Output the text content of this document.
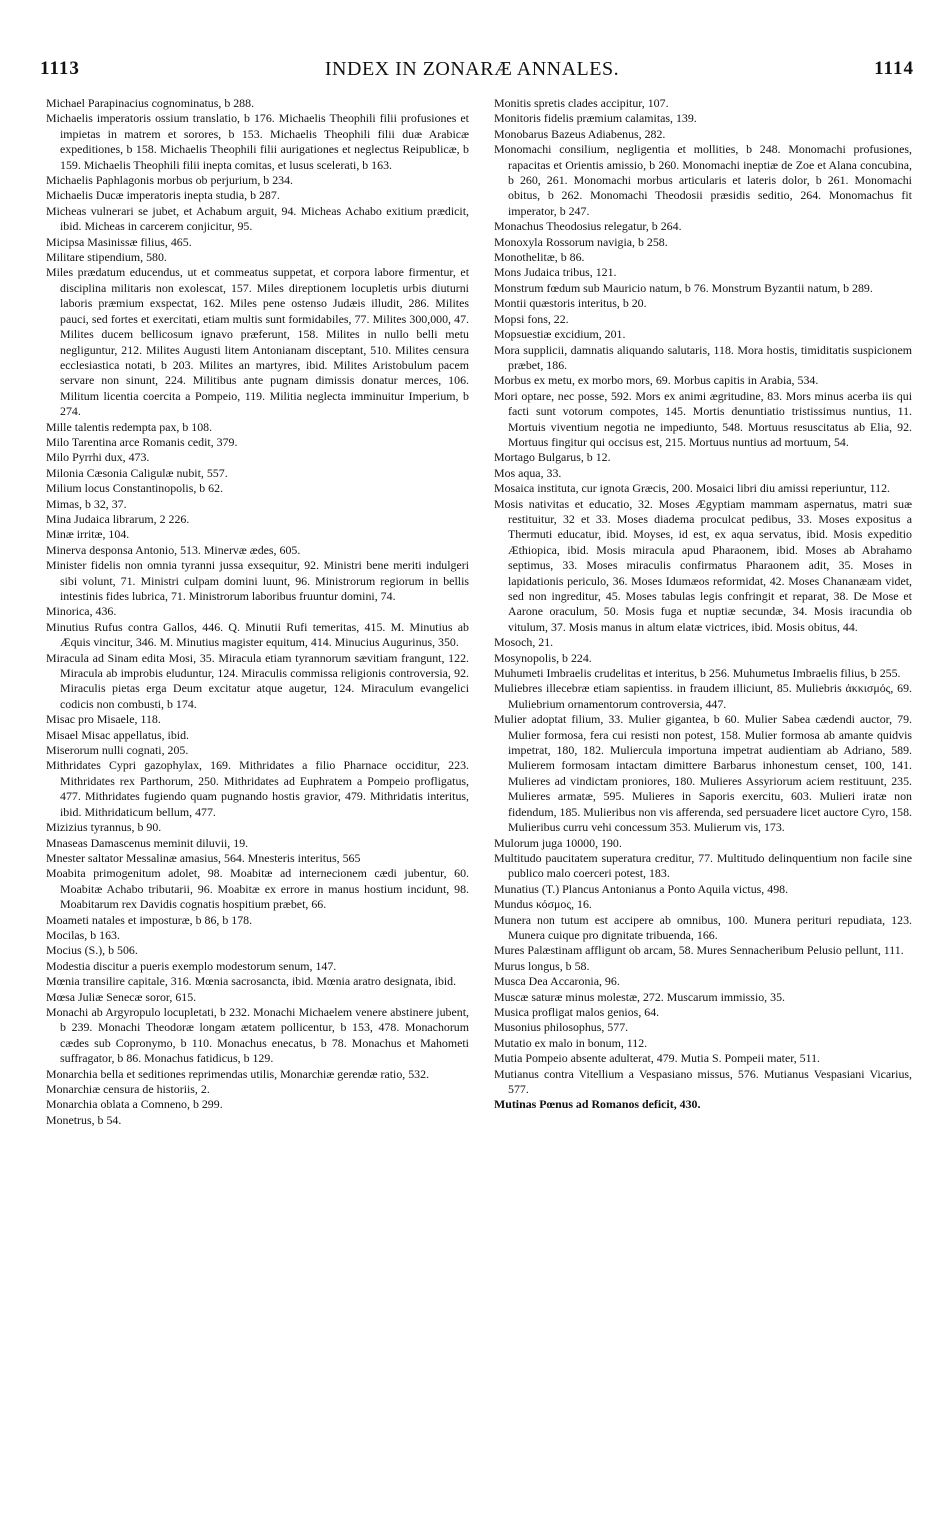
1113	INDEX IN ZONARÆ ANNALES.	1114

Michael Parapinacius cognominatus, b 288.

Michaelis imperatoris ossium translatio, b 176. Michaelis Theophili filii profusiones et impietas in matrem et sorores, b 153. Michaelis Theophili filii duæ Arabicæ expeditiones, b 158. Michaelis Theophili filii aurigationes et neglectus Reipublicæ, b 159. Michaelis Theophili filii inepta comitas, et lusus scelerati, b 163.

Michaelis Paphlagonis morbus ob perjurium, b 234.

Michaelis Ducæ imperatoris inepta studia, b 287.

Micheas vulnerari se jubet, et Achabum arguit, 94. Micheas Achabo exitium prædicit, ibid. Micheas in carcerem conjicitur, 95.

Micipsa Masinissæ filius, 465.

Militare stipendium, 580.

Miles prædatum educendus, ut et commeatus suppetat, et corpora labore firmentur, et disciplina militaris non exolescat, 157. Miles direptionem locupletis urbis diuturni laboris præmium exspectat, 162. Miles pene ostenso Judæis illudit, 286. Milites pauci, sed fortes et exercitati, etiam multis sunt formidabiles, 77. Milites 300,000, 47. Milites ducem bellicosum ignavo præferunt, 158. Milites in nullo belli metu negliguntur, 212. Milites Augusti litem Antonianam disceptant, 510. Milites censura ecclesiastica notati, b 203. Milites an martyres, ibid. Milites Aristobulum pacem servare non sinunt, 224. Militibus ante pugnam dimissis donatur merces, 106. Militum licentia coercita a Pompeio, 119. Militia neglecta imminuitur Imperium, b 274.

Mille talentis redempta pax, b 108.

Milo Tarentina arce Romanis cedit, 379.

Milo Pyrrhi dux, 473.

Milonia Cæsonia Caligulæ nubit, 557.

Milium locus Constantinopolis, b 62.

Mimas, b 32, 37.

Mina Judaica librarum, 2 226.

Minæ irritæ, 104.

Minerva desponsa Antonio, 513. Minervæ ædes, 605.

Minister fidelis non omnia tyranni jussa exsequitur, 92. Ministri bene meriti indulgeri sibi volunt, 71. Ministri culpam domini luunt, 96. Ministrorum regiorum in bellis intestinis fides lubrica, 71. Ministrorum laboribus fruuntur domini, 74.

Minorica, 436.

Minutius Rufus contra Gallos, 446. Q. Minutii Rufi temeritas, 415. M. Minutius ab Æquis vincitur, 346. M. Minutius magister equitum, 414. Minucius Augurinus, 350.

Miracula ad Sinam edita Mosi, 35. Miracula etiam tyrannorum sævitiam frangunt, 122. Miracula ab improbis eluduntur, 124. Miraculis commissa religionis controversia, 92. Miraculis pietas erga Deum excitatur atque augetur, 124. Miraculum evangelici codicis non combusti, b 174.

Misac pro Misaele, 118.

Misael Misac appellatus, ibid.

Miserorum nulli cognati, 205.

Mithridates Cypri gazophylax, 169. Mithridates a filio Pharnace occiditur, 223. Mithridates rex Parthorum, 250. Mithridates ad Euphratem a Pompeio profligatus, 477. Mithridates fugiendo quam pugnando hostis gravior, 479. Mithridatis interitus, ibid. Mithridaticum bellum, 477.

Mizizius tyrannus, b 90.

Mnaseas Damascenus meminit diluvii, 19.

Mnester saltator Messalinæ amasius, 564. Mnesteris interitus, 565

Moabita primogenitum adolet, 98. Moabitæ ad internecionem cædi jubentur, 60. Moabitæ Achabo tributarii, 96. Moabitæ ex errore in manus hostium incidunt, 98. Moabitarum rex Davidis cognatis hospitium præbet, 66.

Moameti natales et imposturæ, b 86, b 178.

Mocilas, b 163.

Mocius (S.), b 506.

Modestia discitur a pueris exemplo modestorum senum, 147.

Mœnia transilire capitale, 316. Mœnia sacrosancta, ibid. Mœnia aratro designata, ibid.

Mœsa Juliæ Senecæ soror, 615.

Monachi ab Argyropulo locupletati, b 232. Monachi Michaelem venere abstinere jubent, b 239. Monachi Theodoræ longam ætatem pollicentur, b 153, 478. Monachorum cædes sub Copronymo, b 110. Monachus enecatus, b 78. Monachus et Mahometi suffragator, b 86. Monachus fatidicus, b 129.

Monarchia bella et seditiones reprimendas utilis, Monarchiæ gerendæ ratio, 532.

Monarchiæ censura de historiis, 2.

Monarchia oblata a Comneno, b 299.

Monetrus, b 54.

Monitis spretis clades accipitur, 107.

Monitoris fidelis præmium calamitas, 139.

Monobarus Bazeus Adiabenus, 282.

Monomachi consilium, negligentia et mollities, b 248. Monomachi profusiones, rapacitas et Orientis amissio, b 260. Monomachi ineptiæ de Zoe et Alana concubina, b 260, 261. Monomachi morbus articularis et lateris dolor, b 261. Monomachi obitus, b 262. Monomachi Theodosii præsidis seditio, 264. Monomachus fit imperator, b 247.

Monachus Theodosius relegatur, b 264.

Monoxyla Rossorum navigia, b 258.

Monothelitæ, b 86.

Mons Judaica tribus, 121.

Monstrum fœdum sub Mauricio natum, b 76. Monstrum Byzantii natum, b 289.

Montii quæstoris interitus, b 20.

Mopsi fons, 22.

Mopsuestiæ excidium, 201.

Mora supplicii, damnatis aliquando salutaris, 118. Mora hostis, timiditatis suspicionem præbet, 186.

Morbus ex metu, ex morbo mors, 69. Morbus capitis in Arabia, 534.

Mori optare, nec posse, 592. Mors ex animi ægritudine, 83. Mors minus acerba iis qui facti sunt votorum compotes, 145. Mortis denuntiatio tristissimus nuntius, 11. Mortuis viventium negotia ne impediunto, 548. Mortuus resuscitatus ab Elia, 92. Mortuus fingitur qui occisus est, 215. Mortuus nuntius ad mortuum, 54.

Mortago Bulgarus, b 12.

Mos aqua, 33.

Mosaica instituta, cur ignota Græcis, 200. Mosaici libri diu amissi reperiuntur, 112.

Mosis nativitas et educatio, 32. Moses Ægyptiam mammam aspernatus, matri suæ restituitur, 32 et 33. Moses diadema proculcat pedibus, 33. Moses expositus a Thermuti educatur, ibid. Moyses, id est, ex aqua servatus, ibid. Mosis expeditio Æthiopica, ibid. Mosis miracula apud Pharaonem, ibid. Moses ab Abrahamo septimus, 33. Moses miraculis confirmatus Pharaonem adit, 35. Moses in lapidationis periculo, 36. Moses Idumæos reformidat, 42. Moses Chananæam videt, sed non ingreditur, 45. Moses tabulas legis confringit et reparat, 38. De Mose et Aarone oraculum, 50. Mosis fuga et nuptiæ secundæ, 34. Mosis iracundia ob vitulum, 37. Mosis manus in altum elatæ victrices, ibid. Mosis obitus, 44.

Mosoch, 21.

Mosynopolis, b 224.

Muhumeti Imbraelis crudelitas et interitus, b 256. Muhumetus Imbraelis filius, b 255.

Muliebres illecebræ etiam sapientiss. in fraudem illiciunt, 85. Muliebris ἀκκισμός, 69. Muliebrium ornamentorum controversia, 447.

Mulier adoptat filium, 33. Mulier gigantea, b 60. Mulier Sabea cædendi auctor, 79. Mulier formosa, fera cui resisti non potest, 158. Mulier formosa ab amante quidvis impetrat, 180, 182. Muliercula importuna impetrat audientiam ab Adriano, 589. Mulierem formosam intactam dimittere Barbarus inhonestum censet, 100, 141. Mulieres ad vindictam proniores, 180. Mulieres Assyriorum aciem restituunt, 235. Mulieres armatæ, 595. Mulieres in Saporis exercitu, 603. Mulieri iratæ non fidendum, 185. Mulieribus non vis afferenda, sed persuadere licet auctore Cyro, 158. Mulieribus curru vehi concessum 353. Mulierum vis, 173.

Mulorum juga 10000, 190.

Multitudo paucitatem superatura creditur, 77. Multitudo delinquentium non facile sine publico malo coerceri potest, 183.

Munatius (T.) Plancus Antonianus a Ponto Aquila victus, 498.

Mundus κόσμος, 16.

Munera non tutum est accipere ab omnibus, 100. Munera perituri repudiata, 123. Munera cuique pro dignitate tribuenda, 166.

Mures Palæstinam affligunt ob arcam, 58. Mures Sennacheribum Pelusio pellunt, 111.

Murus longus, b 58.

Musca Dea Accaronia, 96.

Muscæ saturæ minus molestæ, 272. Muscarum immissio, 35.

Musica profligat malos genios, 64.

Musonius philosophus, 577.

Mutatio ex malo in bonum, 112.

Mutia Pompeio absente adulterat, 479. Mutia S. Pompeii mater, 511.

Mutianus contra Vitellium a Vespasiano missus, 576. Mutianus Vespasiani Vicarius, 577.

Mutinas Pœnus ad Romanos deficit, 430.
